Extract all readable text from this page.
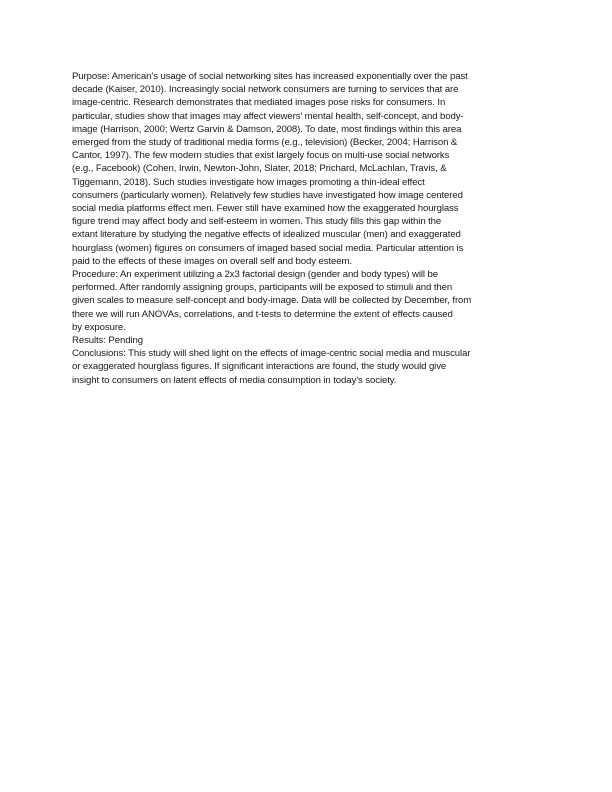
Purpose: American’s usage of social networking sites has increased exponentially over the past
decade (Kaiser, 2010). Increasingly social network consumers are turning to services that are
image-centric. Research demonstrates that mediated images pose risks for consumers. In
particular, studies show that images may affect viewers’ mental health, self-concept, and body-
image (Harrison, 2000; Wertz Garvin & Damson, 2008). To date, most findings within this area
emerged from the study of traditional media forms (e.g., television) (Becker, 2004; Harrison &
Cantor, 1997). The few modern studies that exist largely focus on multi-use social networks
(e.g., Facebook) (Cohen, Irwin, Newton-John, Slater, 2018; Prichard, McLachlan, Travis, &
Tiggemann, 2018). Such studies investigate how images promoting a thin-ideal effect
consumers (particularly women). Relatively few studies have investigated how image centered
social media platforms effect men. Fewer still have examined how the exaggerated hourglass
figure trend may affect body and self-esteem in women. This study fills this gap within the
extant literature by studying the negative effects of idealized muscular (men) and exaggerated
hourglass (women) figures on consumers of imaged based social media. Particular attention is
paid to the effects of these images on overall self and body esteem.

Procedure: An experiment utilizing a 2x3 factorial design (gender and body types) will be
performed. After randomly assigning groups, participants will be exposed to stimuli and then
given scales to measure self-concept and body-image. Data will be collected by December, from
there we will run ANOVAs, correlations, and t-tests to determine the extent of effects caused
by exposure.

Results: Pending

Conclusions: This study will shed light on the effects of image-centric social media and muscular
or exaggerated hourglass figures. If significant interactions are found, the study would give
insight to consumers on latent effects of media consumption in today’s society.
